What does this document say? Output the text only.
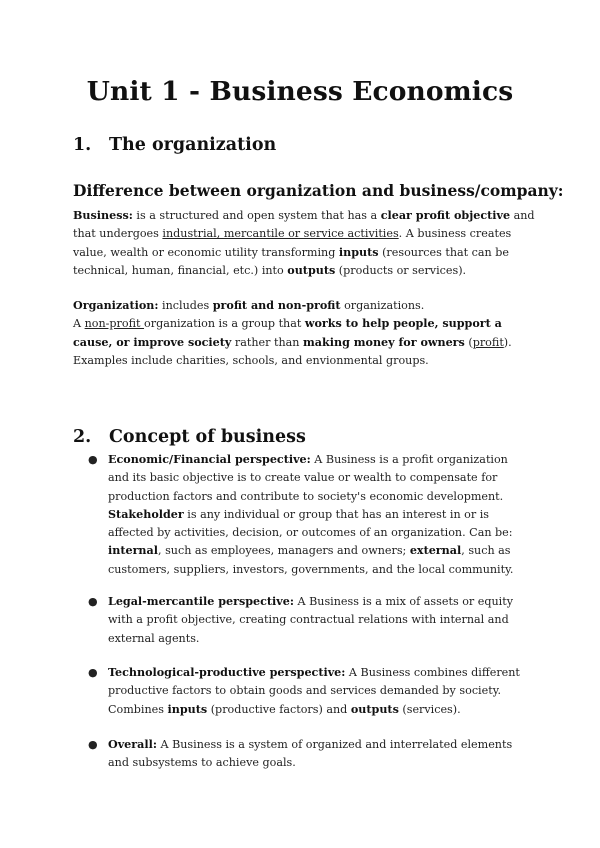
Unit 1 - Business Economics
1. The organization
Difference between organization and business/company:

Business: is a structured and open system that has a clear profit objective and that undergoes industrial, mercantile or service activities. A business creates value, wealth or economic utility transforming inputs (resources that can be technical, human, financial, etc.) into outputs (products or services).

Organization: includes profit and non-profit organizations.
A non-profit organization is a group that works to help people, support a cause, or improve society rather than making money for owners (profit). Examples include charities, schools, and envionmental groups.

2. Concept of business

● Economic/Financial perspective: A Business is a profit organization and its basic objective is to create value or wealth to compensate for production factors and contribute to society's economic development.
Stakeholder is any individual or group that has an interest in or is affected by activities, decision, or outcomes of an organization. Can be: internal, such as employees, managers and owners; external, such as customers, suppliers, investors, governments, and the local community.

● Legal-mercantile perspective: A Business is a mix of assets or equity with a profit objective, creating contractual relations with internal and external agents.

● Technological-productive perspective: A Business combines different productive factors to obtain goods and services demanded by society. Combines inputs (productive factors) and outputs (services).

● Overall: A Business is a system of organized and interrelated elements and subsystems to achieve goals.
